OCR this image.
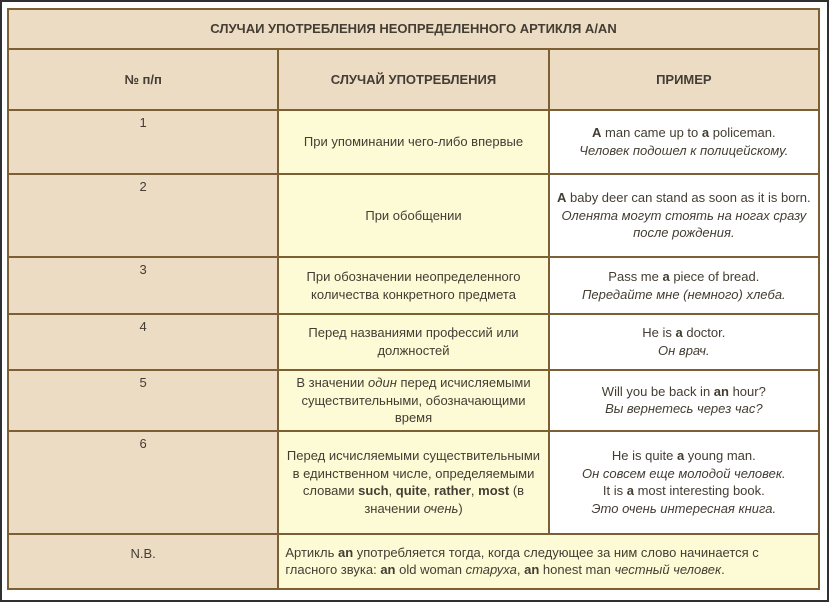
СЛУЧАИ УПОТРЕБЛЕНИЯ НЕОПРЕДЕЛЕННОГО АРТИКЛЯ A/AN		
№ п/п	СЛУЧАЙ УПОТРЕБЛЕНИЯ	ПРИМЕР
1	При упоминании чего-либо впервые	A man came up to a policeman.
Человек подошел к полицейскому.

2	При обобщении	A baby deer can stand as soon as it is born.
Оленята могут стоять на ногах сразу после рождения.

3	При обозначении неопределенного количества конкретного предмета	Pass me a piece of bread.
Передайте мне (немного) хлеба.

4	Перед названиями профессий или должностей	He is a doctor.
Он врач.

5	В значении один перед исчисляемыми существительными, обозначающими время	Will you be back in an hour?
Вы вернетесь через час?

6	Перед исчисляемыми существительными в единственном числе, определяемыми словами such, quite, rather, most (в значении очень)	He is quite a young man.
Он совсем еще молодой человек.
It is a most interesting book.
Это очень интересная книга.

N.B.	Артикль an употребляется тогда, когда следующее за ним слово начинается с гласного звука: an old woman старуха, an honest man честный человек.	
